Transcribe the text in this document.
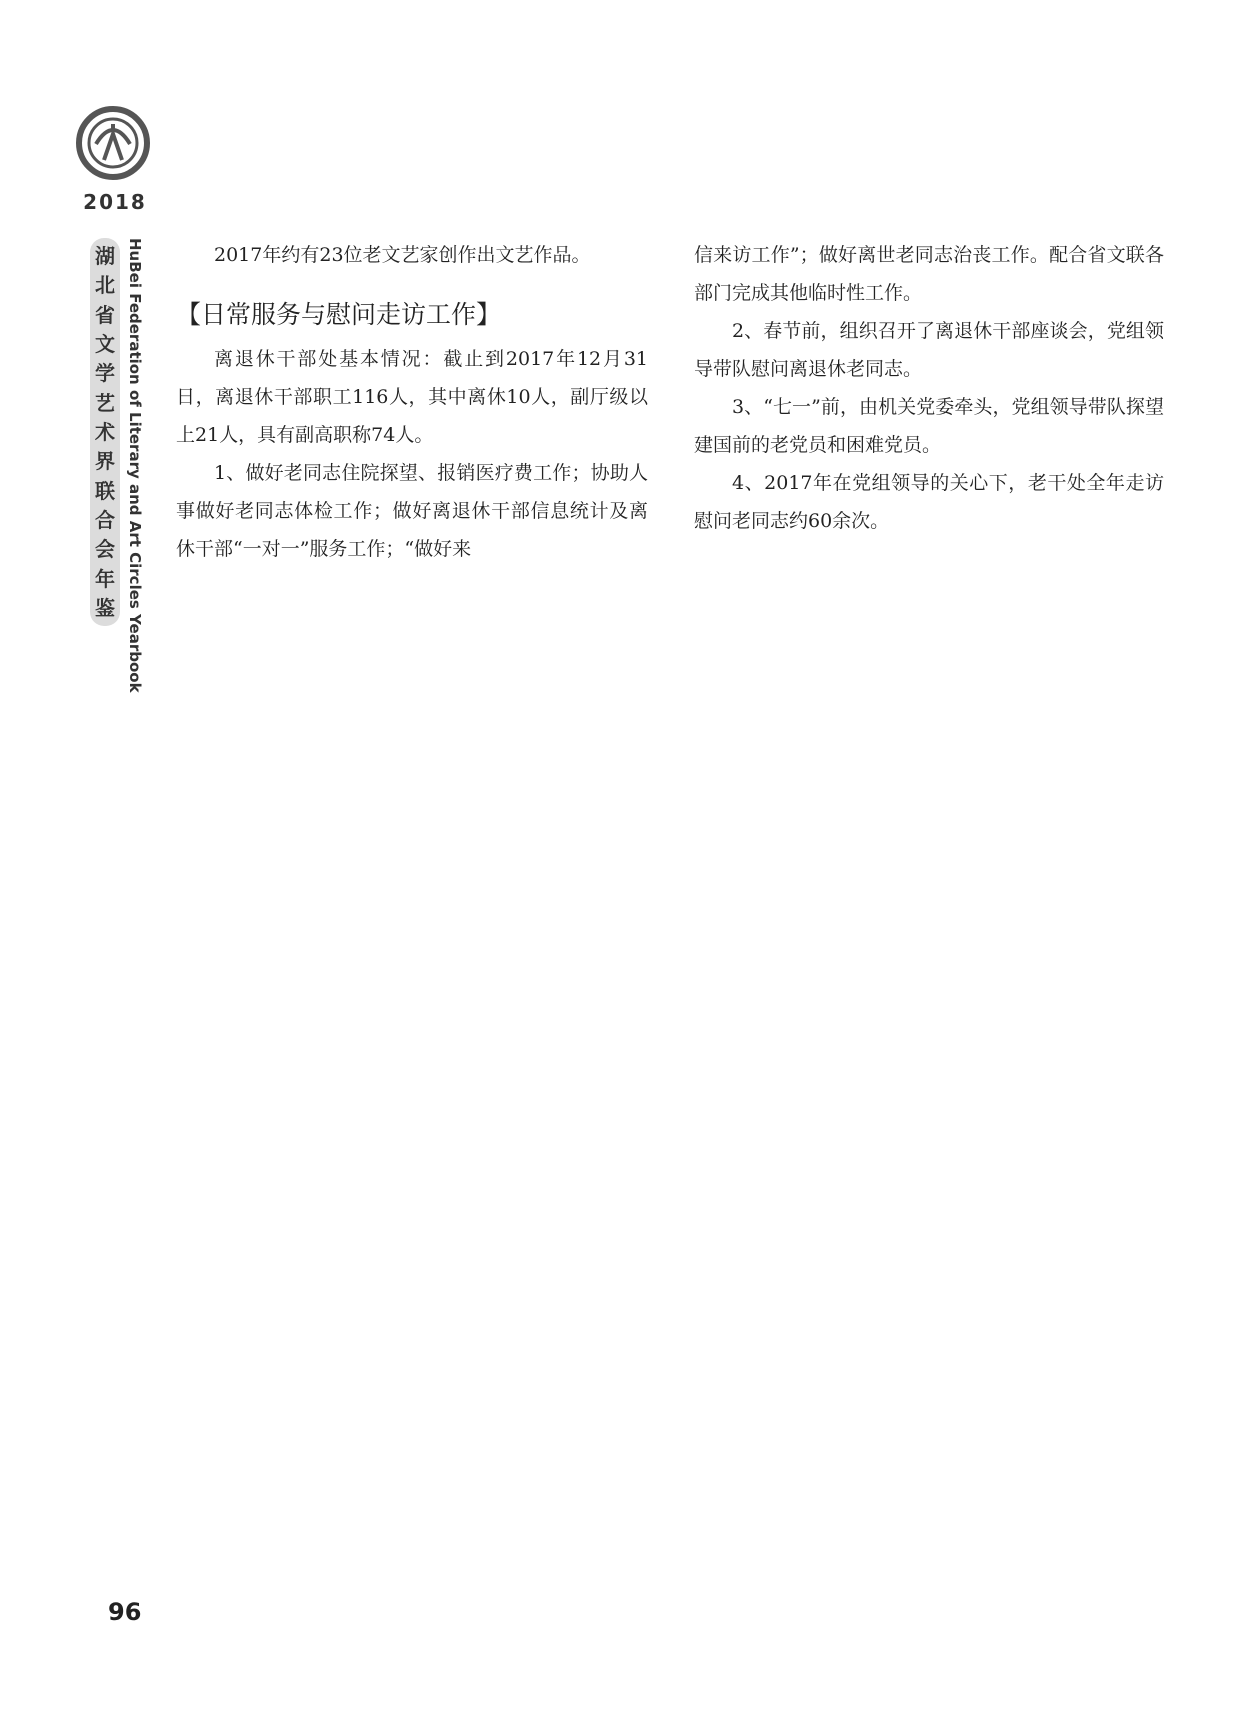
2018
湖
北
省
文
学
艺
术
界
联
合
会
年
鉴 HuBei Federation of Literary and Art Circles Yearbook	2017年约有23位老文艺家创作出文艺作品。

【日常服务与慰问走访工作】

离退休干部处基本情况：截止到2017年12月31日，离退休干部职工116人，其中离休10人，副厅级以上21人，具有副高职称74人。

1、做好老同志住院探望、报销医疗费工作；协助人事做好老同志体检工作；做好离退休干部信息统计及离休干部“一对一”服务工作；“做好来

信来访工作”；做好离世老同志治丧工作。配合省文联各部门完成其他临时性工作。

2、春节前，组织召开了离退休干部座谈会，党组领导带队慰问离退休老同志。

3、“七一”前，由机关党委牵头，党组领导带队探望建国前的老党员和困难党员。

4、2017年在党组领导的关心下，老干处全年走访慰问老同志约60余次。

96
